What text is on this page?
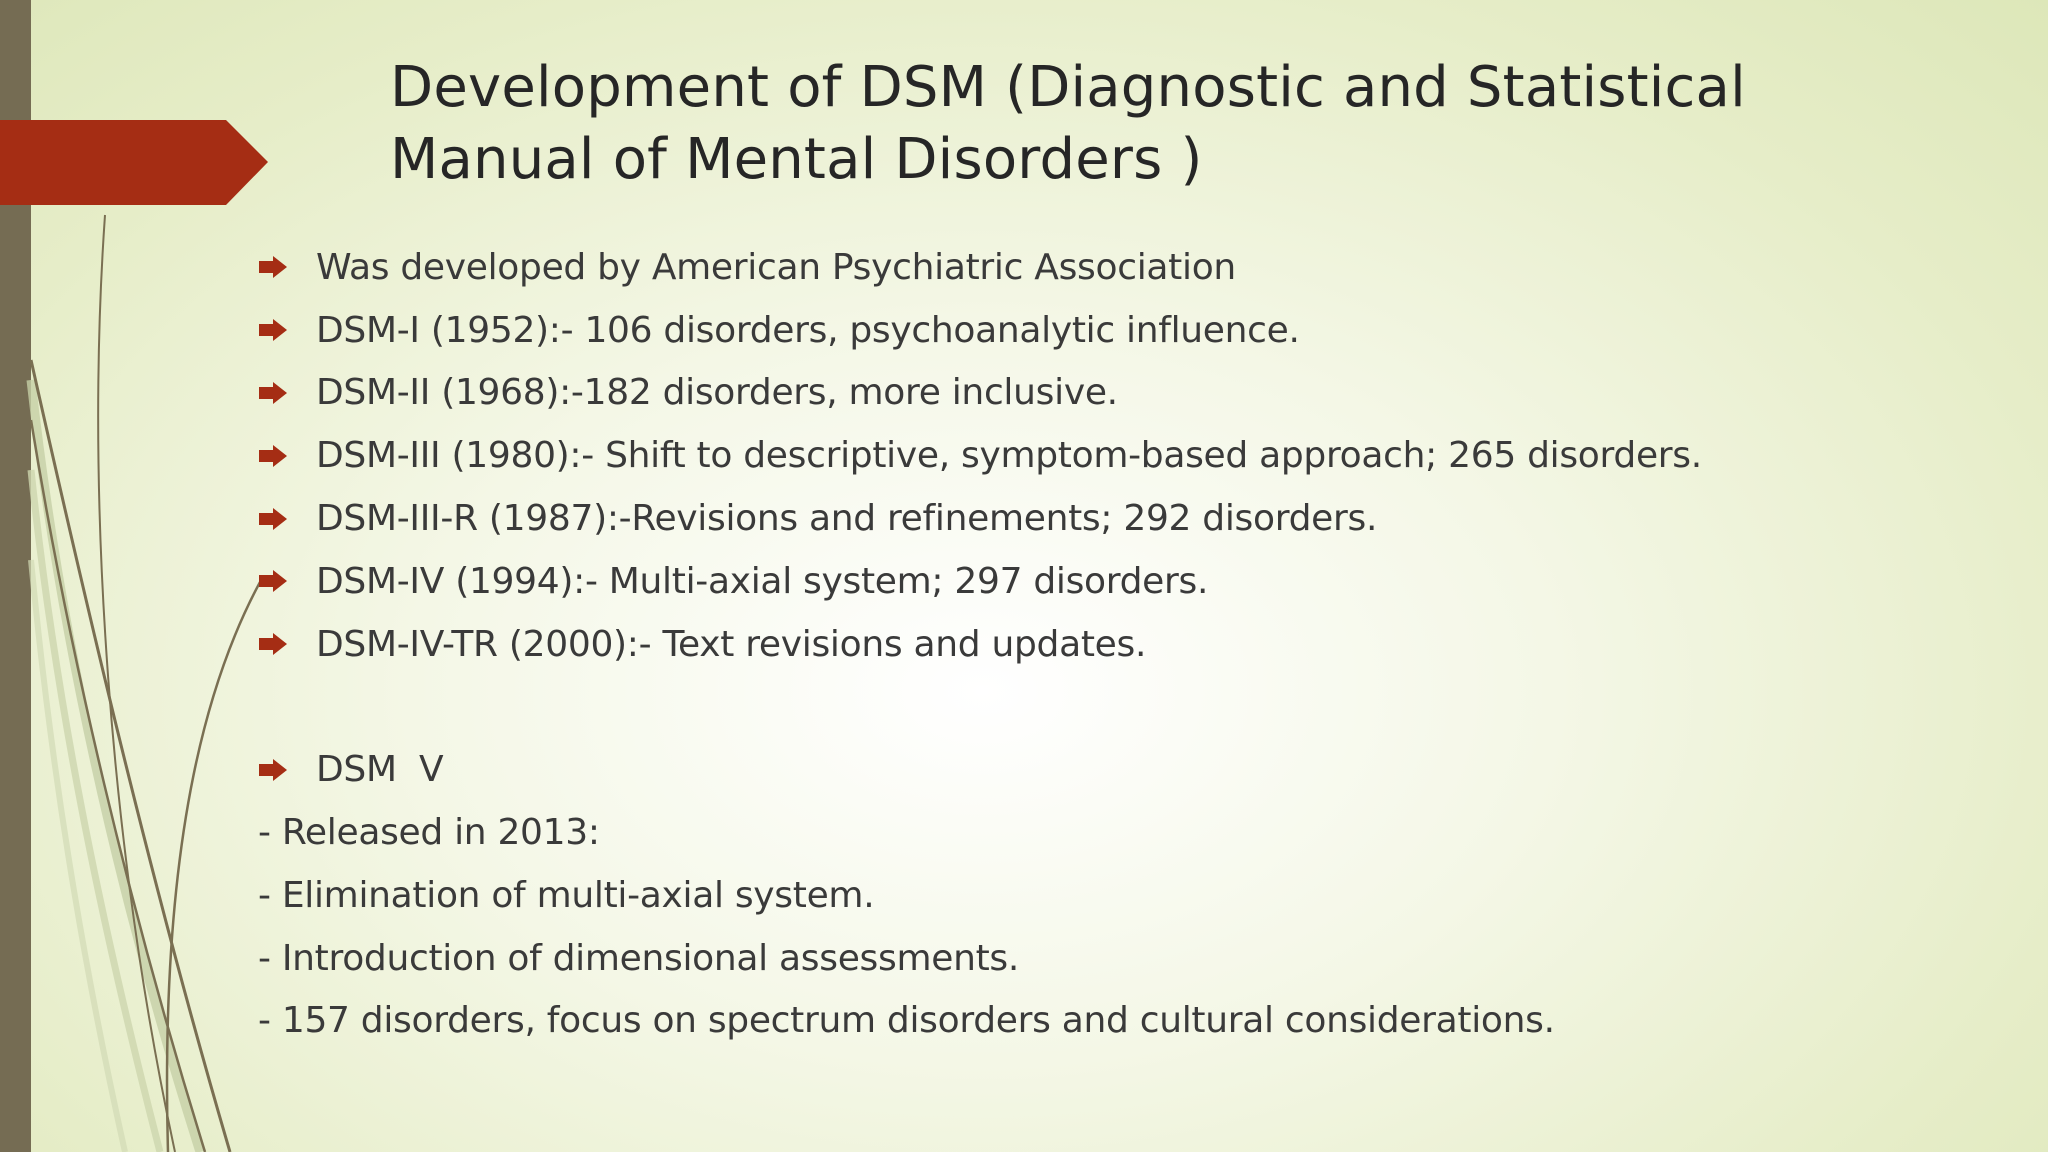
Development of DSM (Diagnostic and Statistical Manual of Mental Disorders )
Was developed by American Psychiatric Association
DSM-I (1952):- 106 disorders, psychoanalytic influence.
DSM-II (1968):-182 disorders, more inclusive.
DSM-III (1980):- Shift to descriptive, symptom-based approach; 265 disorders.
DSM-III-R (1987):-Revisions and refinements; 292 disorders.
DSM-IV (1994):- Multi-axial system; 297 disorders.
DSM-IV-TR (2000):- Text revisions and updates.
DSM  V
- Released in 2013:
- Elimination of multi-axial system.
- Introduction of dimensional assessments.
- 157 disorders, focus on spectrum disorders and cultural considerations.
